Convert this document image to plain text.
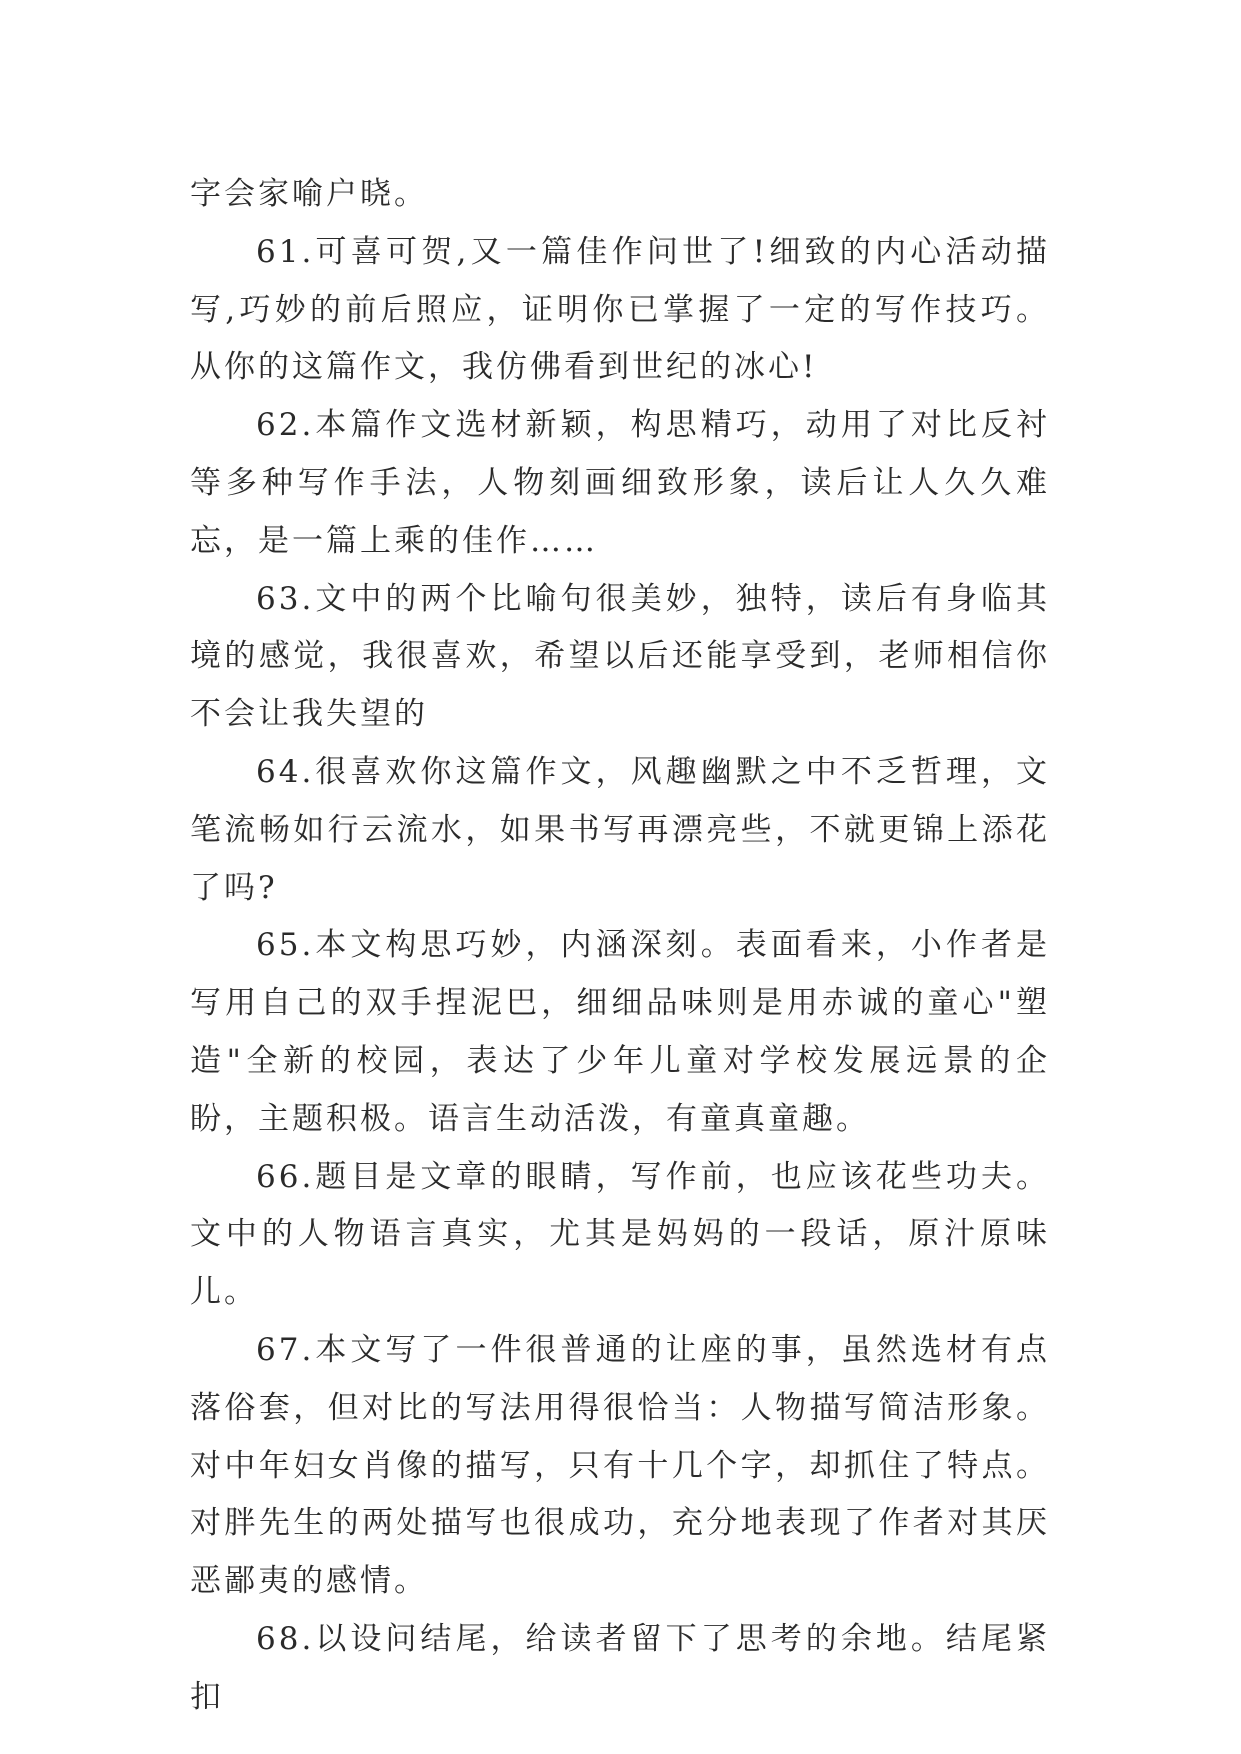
字会家喻户晓。

61.可喜可贺,又一篇佳作问世了!细致的内心活动描写,巧妙的前后照应，证明你已掌握了一定的写作技巧。从你的这篇作文，我仿佛看到世纪的冰心!

62.本篇作文选材新颖，构思精巧，动用了对比反衬等多种写作手法，人物刻画细致形象，读后让人久久难忘，是一篇上乘的佳作……

63.文中的两个比喻句很美妙，独特，读后有身临其境的感觉，我很喜欢，希望以后还能享受到，老师相信你不会让我失望的

64.很喜欢你这篇作文，风趣幽默之中不乏哲理，文笔流畅如行云流水，如果书写再漂亮些，不就更锦上添花了吗?

65.本文构思巧妙，内涵深刻。表面看来，小作者是写用自己的双手捏泥巴，细细品味则是用赤诚的童心"塑造"全新的校园，表达了少年儿童对学校发展远景的企盼，主题积极。语言生动活泼，有童真童趣。

66.题目是文章的眼睛，写作前，也应该花些功夫。文中的人物语言真实，尤其是妈妈的一段话，原汁原味儿。

67.本文写了一件很普通的让座的事，虽然选材有点落俗套，但对比的写法用得很恰当：人物描写简洁形象。对中年妇女肖像的描写，只有十几个字，却抓住了特点。对胖先生的两处描写也很成功，充分地表现了作者对其厌恶鄙夷的感情。

68.以设问结尾，给读者留下了思考的余地。结尾紧扣
